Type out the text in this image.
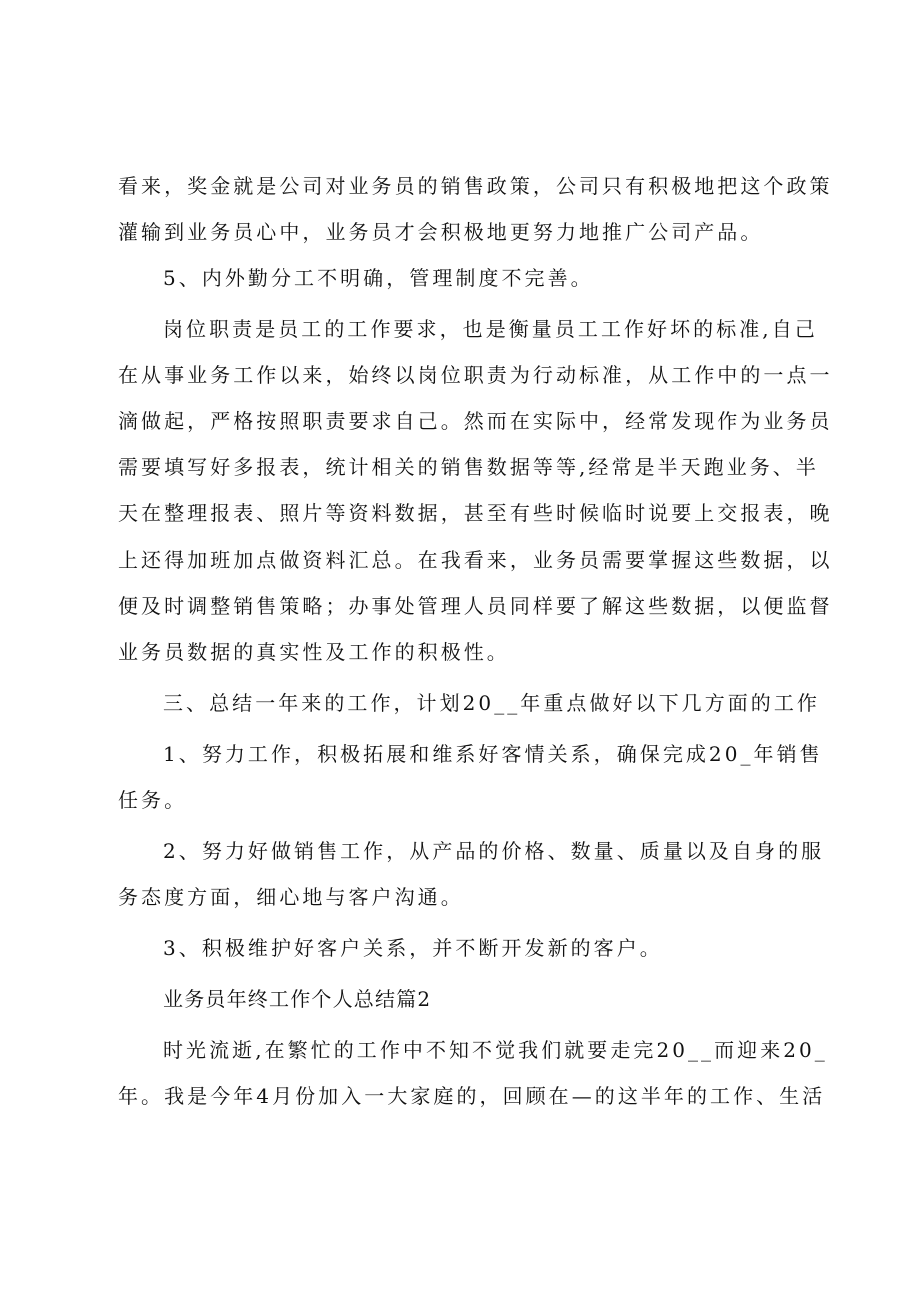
看来，奖金就是公司对业务员的销售政策，公司只有积极地把这个政策
灌输到业务员心中，业务员才会积极地更努力地推广公司产品。
5、内外勤分工不明确，管理制度不完善。
岗位职责是员工的工作要求，也是衡量员工工作好坏的标准,自己
在从事业务工作以来，始终以岗位职责为行动标准，从工作中的一点一
滴做起，严格按照职责要求自己。然而在实际中，经常发现作为业务员
需要填写好多报表，统计相关的销售数据等等,经常是半天跑业务、半
天在整理报表、照片等资料数据，甚至有些时候临时说要上交报表，晚
上还得加班加点做资料汇总。在我看来，业务员需要掌握这些数据，以
便及时调整销售策略；办事处管理人员同样要了解这些数据，以便监督
业务员数据的真实性及工作的积极性。
三、总结一年来的工作，计划20__年重点做好以下几方面的工作
1、努力工作，积极拓展和维系好客情关系，确保完成20_年销售
任务。
2、努力好做销售工作，从产品的价格、数量、质量以及自身的服
务态度方面，细心地与客户沟通。
3、积极维护好客户关系，并不断开发新的客户。
业务员年终工作个人总结篇2
时光流逝,在繁忙的工作中不知不觉我们就要走完20__而迎来20_
年。我是今年4月份加入一大家庭的，回顾在—的这半年的工作、生活
